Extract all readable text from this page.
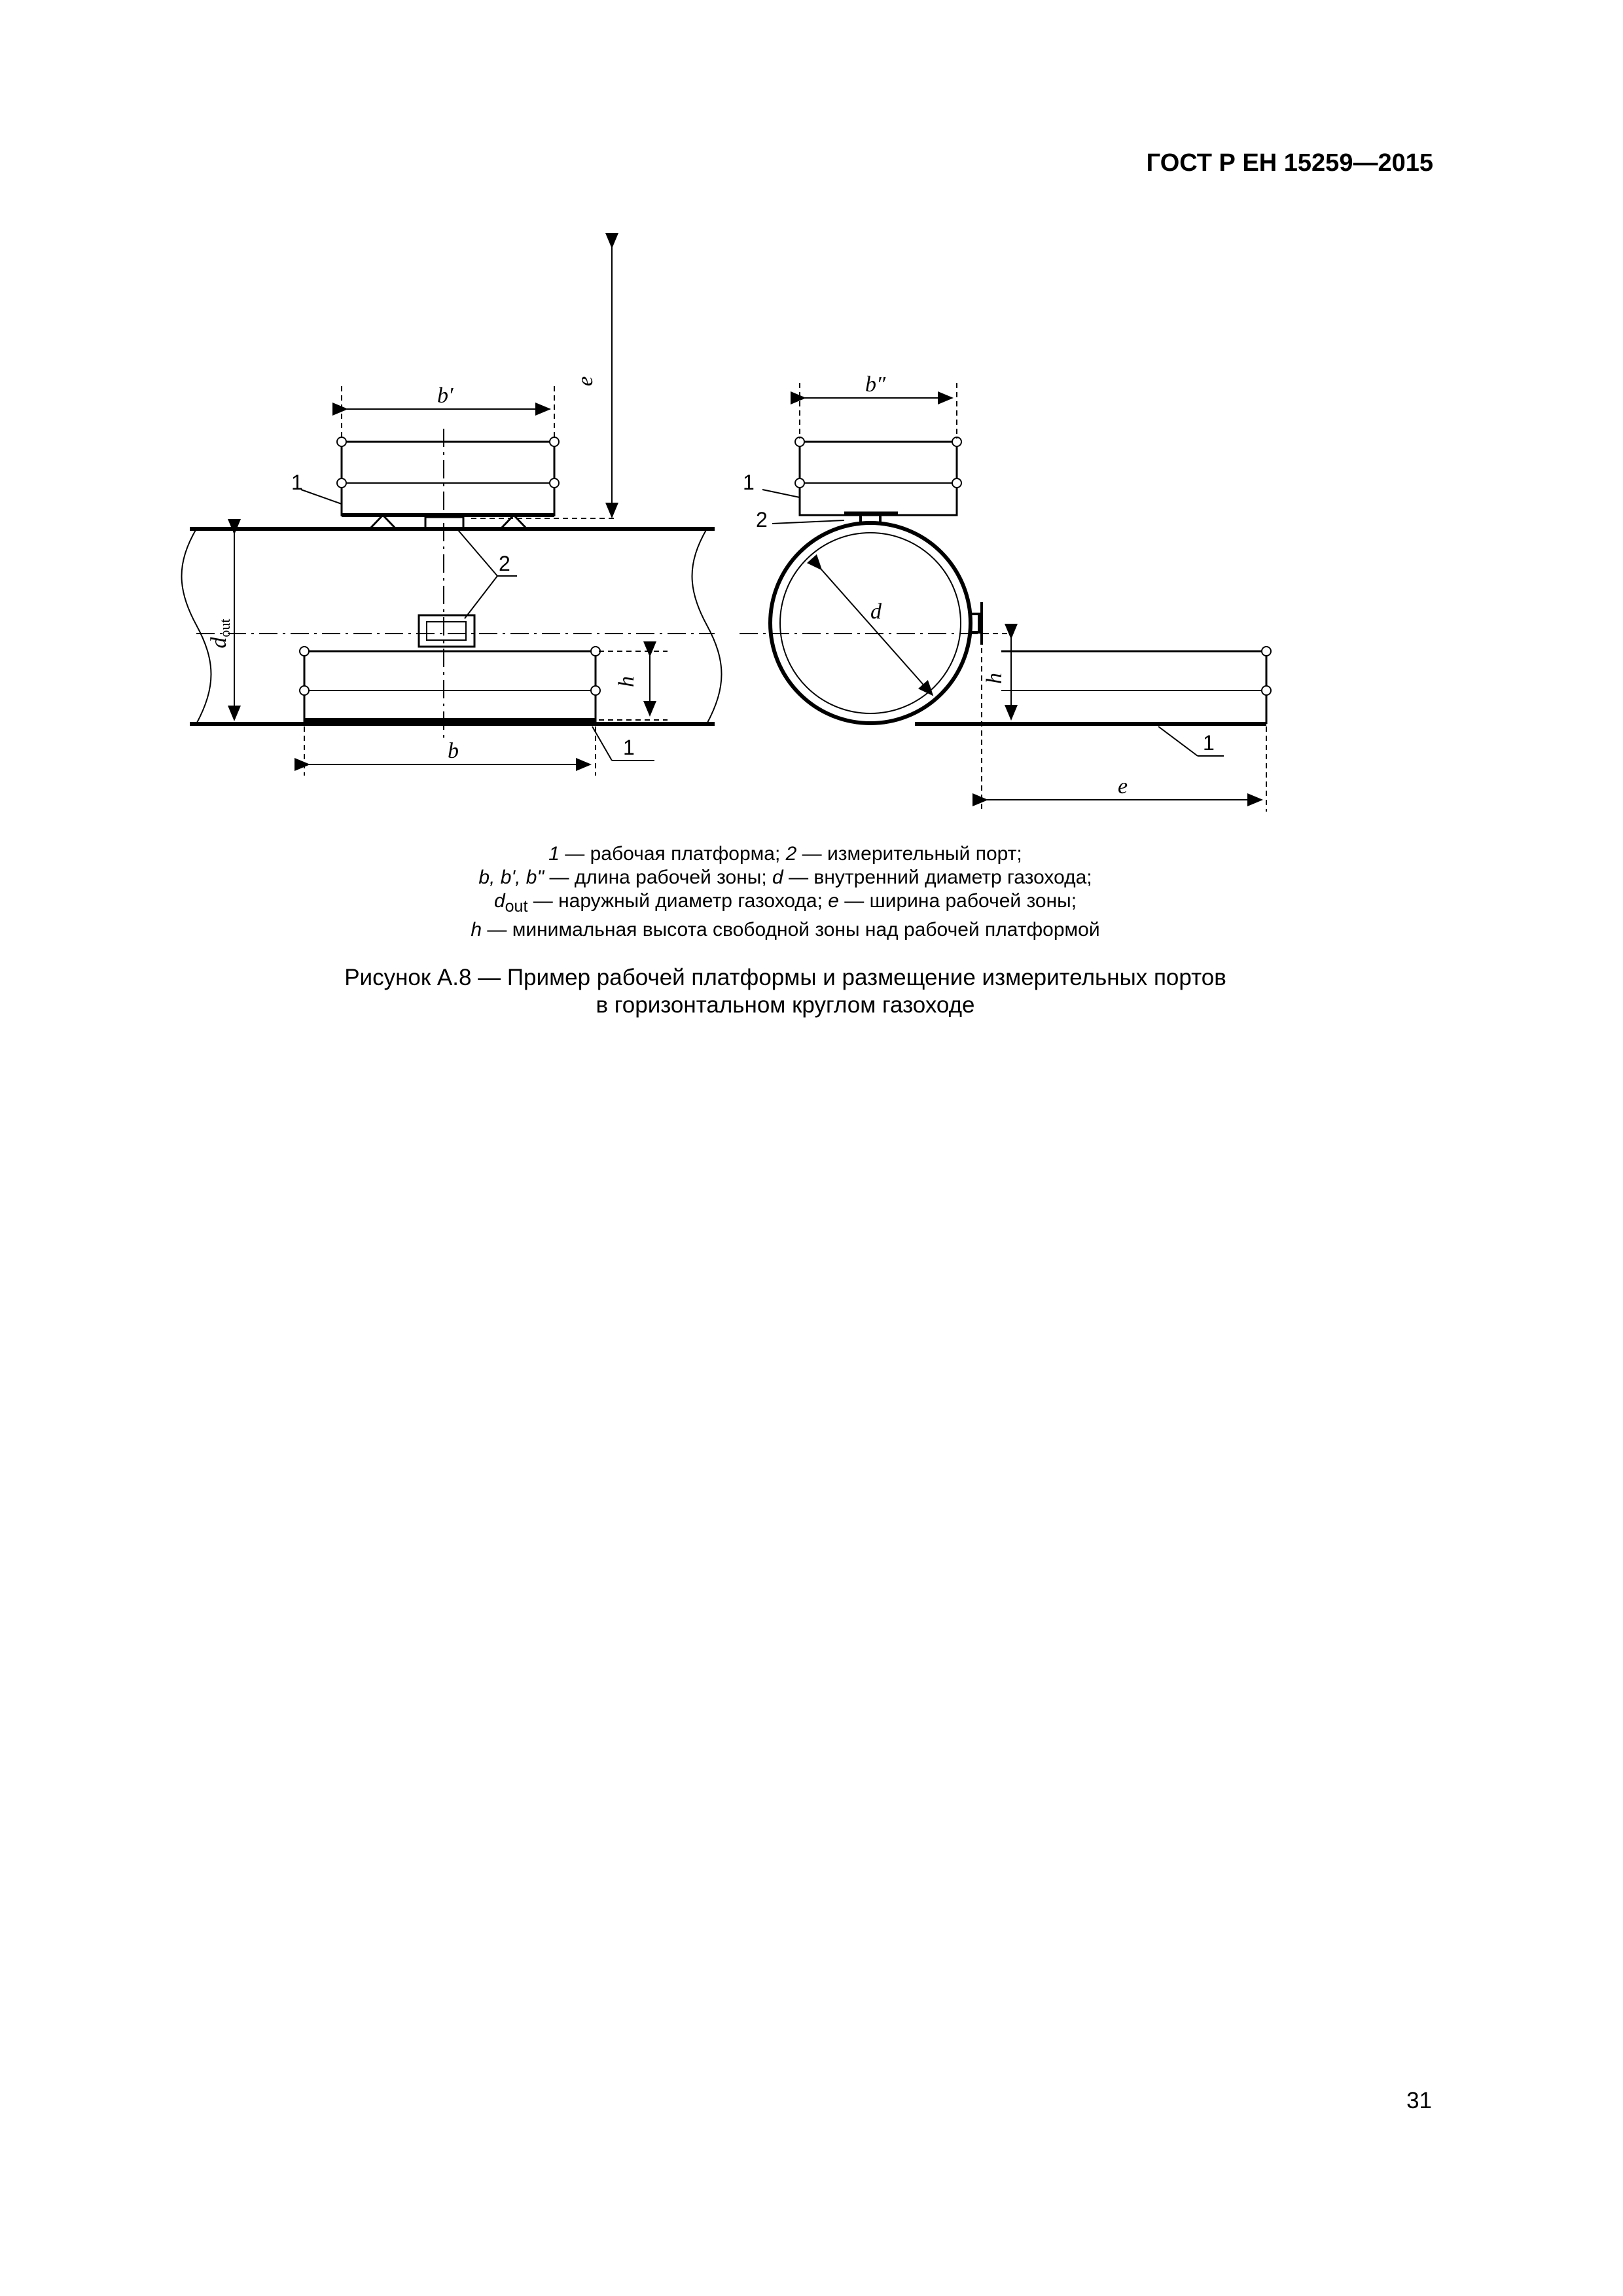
ГОСТ Р ЕН 15259—2015
2
1
1
b′
e
dout
h
b
d
1
2
b″
1
h
e
1 — рабочая платформа; 2 — измерительный порт;
b, b', b" — длина рабочей зоны; d — внутренний диаметр газохода;
$d_{out}$ — наружный диаметр газохода; e — ширина рабочей зоны;
h — минимальная высота свободной зоны над рабочей платформой
Рисунок А.8 — Пример рабочей платформы и размещение измерительных портов
в горизонтальном круглом газоходе
31
